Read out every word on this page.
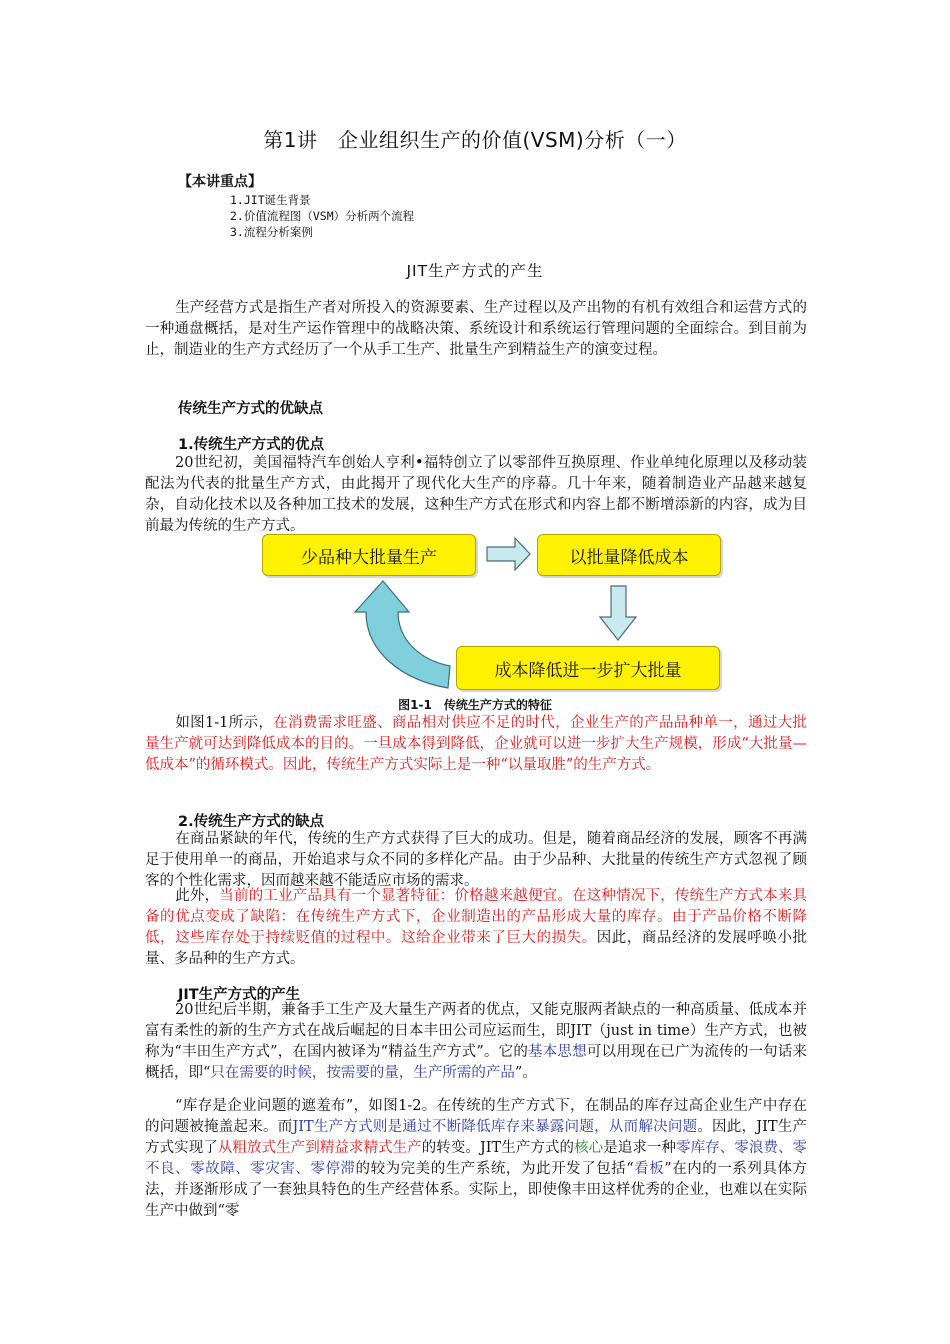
第1讲　企业组织生产的价值(VSM)分析（一）
【本讲重点】
1.JIT诞生背景
2.价值流程图（VSM）分析两个流程
3.流程分析案例
JIT生产方式的产生
生产经营方式是指生产者对所投入的资源要素、生产过程以及产出物的有机有效组合和运营方式的一种通盘概括，是对生产运作管理中的战略决策、系统设计和系统运行管理问题的全面综合。到目前为止，制造业的生产方式经历了一个从手工生产、批量生产到精益生产的演变过程。
传统生产方式的优缺点
1.传统生产方式的优点
20世纪初，美国福特汽车创始人亨利•福特创立了以零部件互换原理、作业单纯化原理以及移动装配法为代表的批量生产方式，由此揭开了现代化大生产的序幕。几十年来，随着制造业产品越来越复杂，自动化技术以及各种加工技术的发展，这种生产方式在形式和内容上都不断增添新的内容，成为目前最为传统的生产方式。
少品种大批量生产	以批量降低成本
成本降低进一步扩大批量
图1-1　传统生产方式的特征
如图1-1所示，在消费需求旺盛、商品相对供应不足的时代，企业生产的产品品种单一，通过大批量生产就可达到降低成本的目的。一旦成本得到降低，企业就可以进一步扩大生产规模，形成“大批量—低成本”的循环模式。因此，传统生产方式实际上是一种“以量取胜”的生产方式。
2.传统生产方式的缺点
在商品紧缺的年代，传统的生产方式获得了巨大的成功。但是，随着商品经济的发展，顾客不再满足于使用单一的商品，开始追求与众不同的多样化产品。由于少品种、大批量的传统生产方式忽视了顾客的个性化需求，因而越来越不能适应市场的需求。
此外，当前的工业产品具有一个显著特征：价格越来越便宜。在这种情况下，传统生产方式本来具备的优点变成了缺陷：在传统生产方式下，企业制造出的产品形成大量的库存。由于产品价格不断降低，这些库存处于持续贬值的过程中。这给企业带来了巨大的损失。因此，商品经济的发展呼唤小批量、多品种的生产方式。
JIT生产方式的产生
20世纪后半期，兼备手工生产及大量生产两者的优点，又能克服两者缺点的一种高质量、低成本并富有柔性的新的生产方式在战后崛起的日本丰田公司应运而生，即JIT（just in time）生产方式，也被称为“丰田生产方式”，在国内被译为“精益生产方式”。它的基本思想可以用现在已广为流传的一句话来概括，即“只在需要的时候，按需要的量，生产所需的产品”。
“库存是企业问题的遮羞布”，如图1-2。在传统的生产方式下，在制品的库存过高企业生产中存在的问题被掩盖起来。而JIT生产方式则是通过不断降低库存来暴露问题，从而解决问题。因此，JIT生产方式实现了从粗放式生产到精益求精式生产的转变。JIT生产方式的核心是追求一种零库存、零浪费、零不良、零故障、零灾害、零停滞的较为完美的生产系统，为此开发了包括“看板”在内的一系列具体方法，并逐渐形成了一套独具特色的生产经营体系。实际上，即使像丰田这样优秀的企业，也难以在实际生产中做到“零
